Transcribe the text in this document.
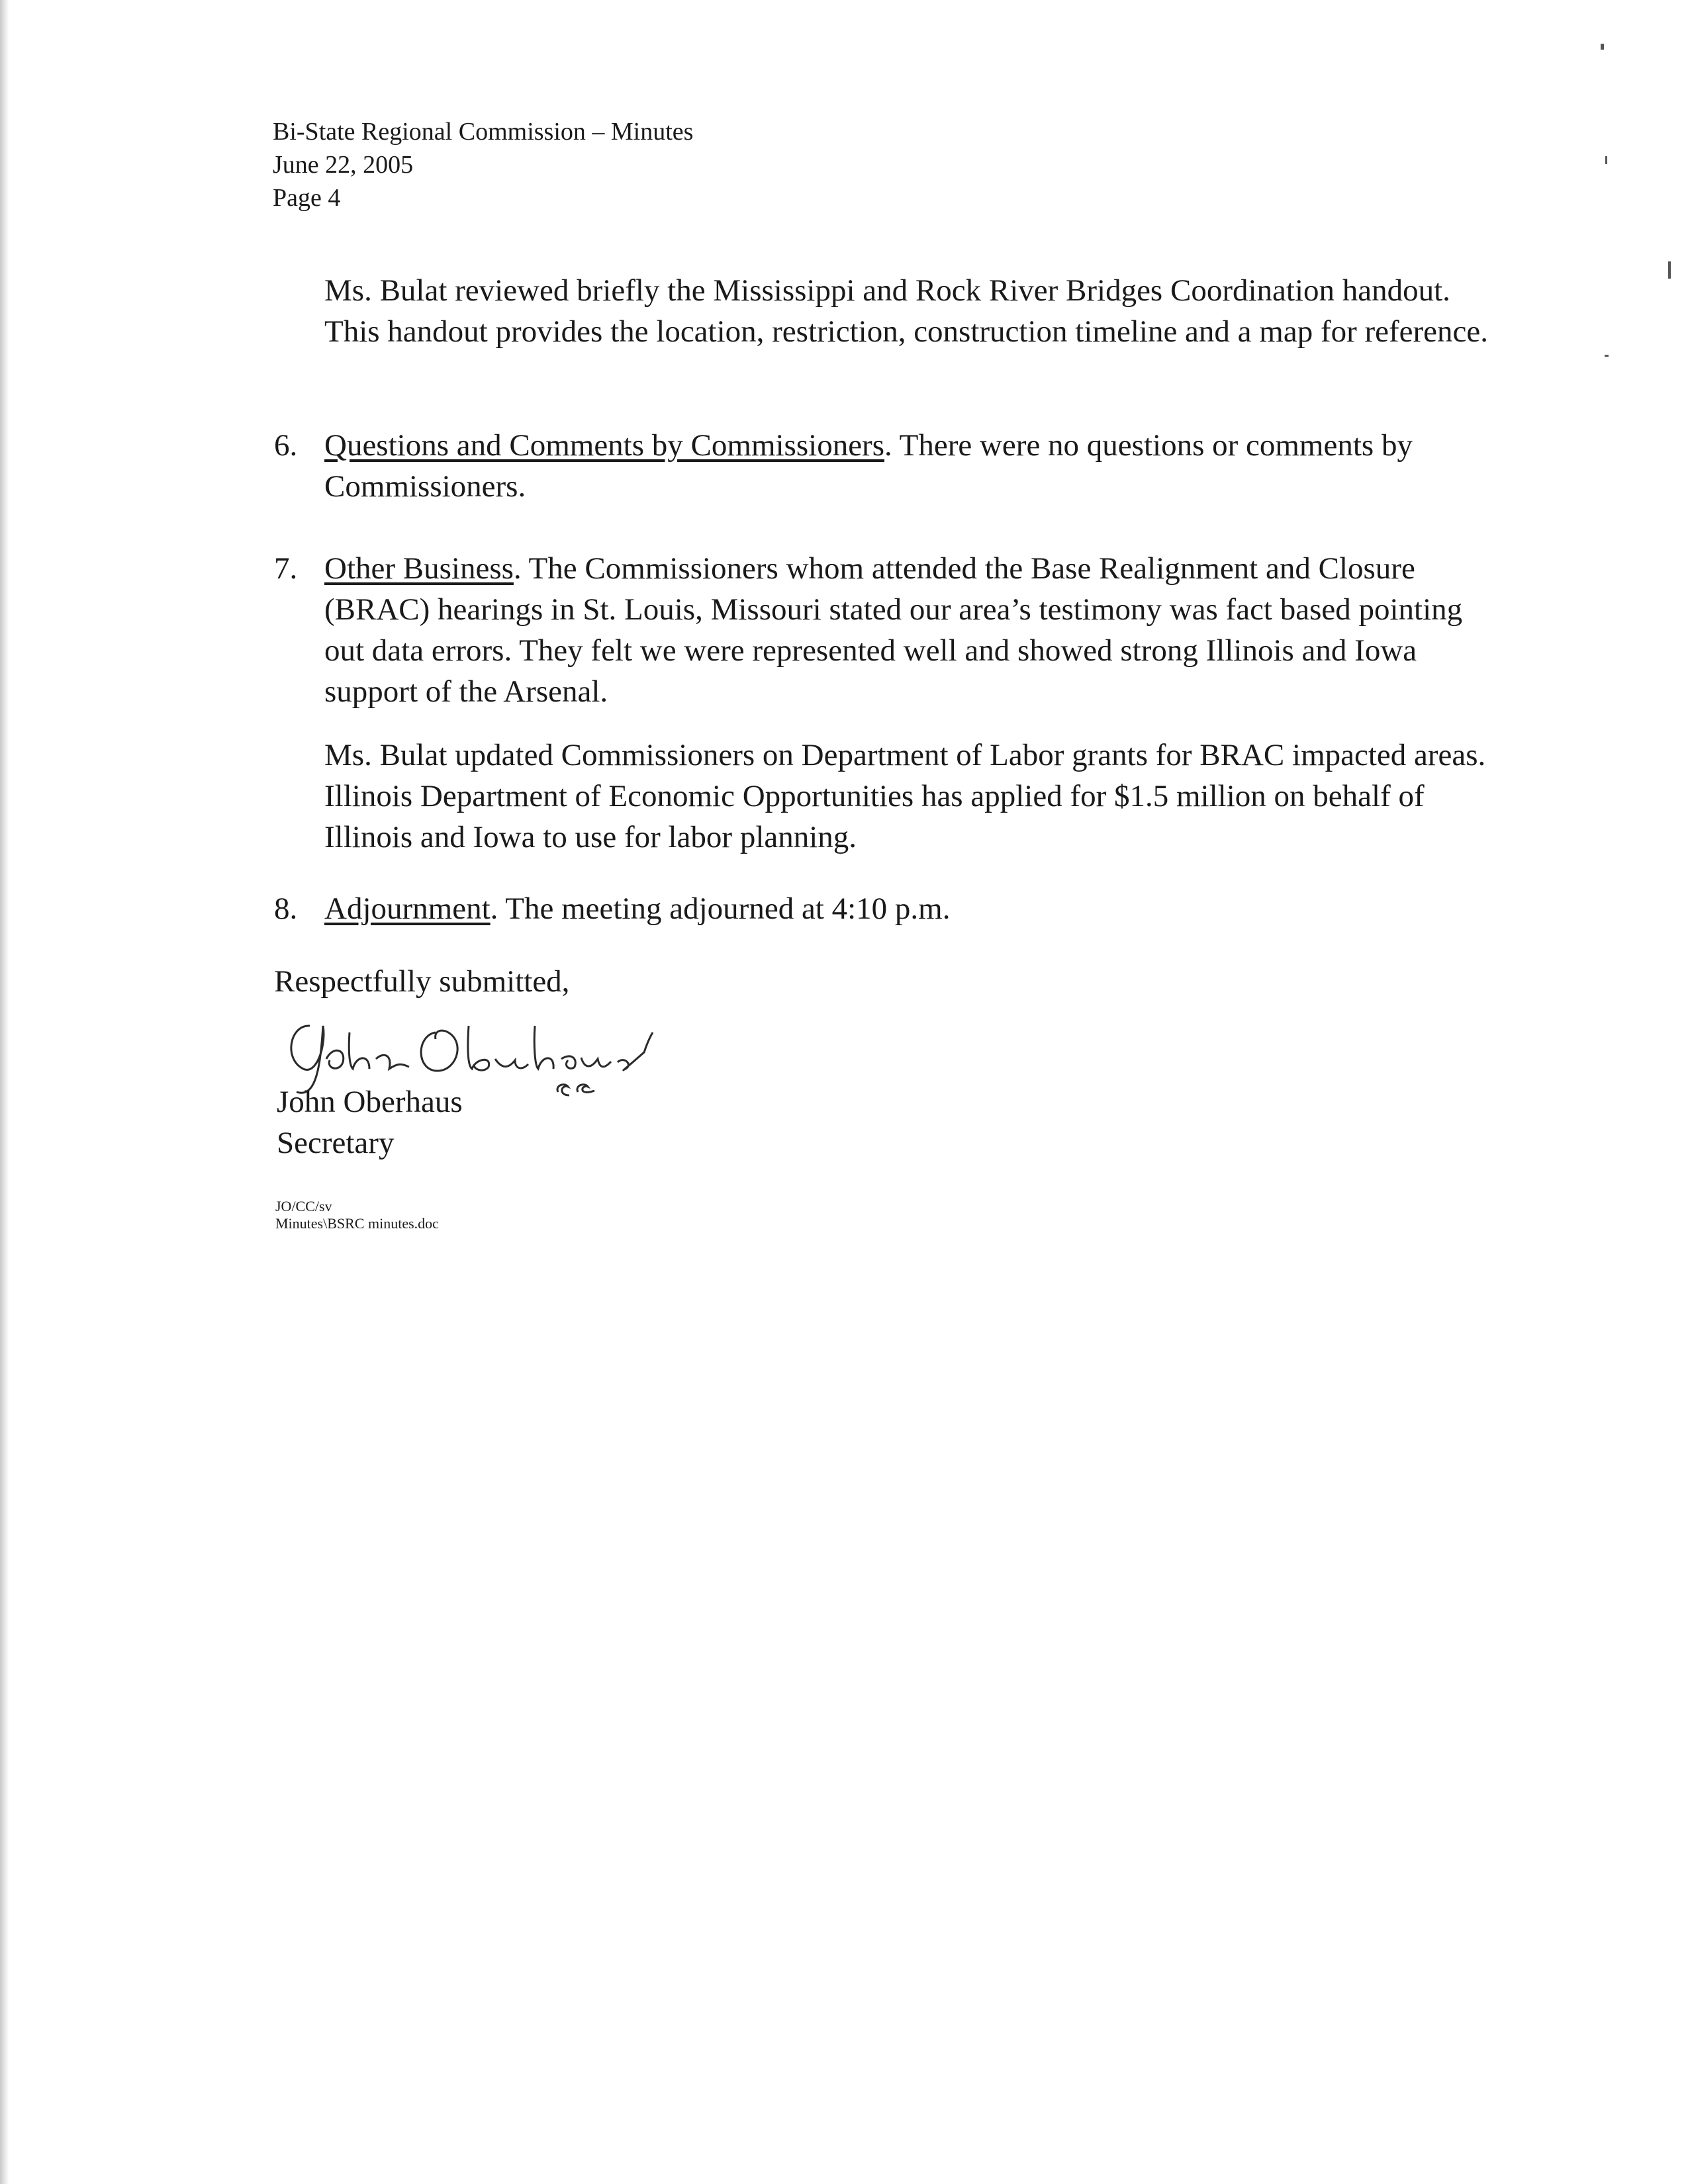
Bi-State Regional Commission – Minutes
June 22, 2005
Page 4
Ms. Bulat reviewed briefly the Mississippi and Rock River Bridges Coordination handout. This handout provides the location, restriction, construction timeline and a map for reference.
6. Questions and Comments by Commissioners. There were no questions or comments by Commissioners.
7. Other Business. The Commissioners whom attended the Base Realignment and Closure (BRAC) hearings in St. Louis, Missouri stated our area’s testimony was fact based pointing out data errors. They felt we were represented well and showed strong Illinois and Iowa support of the Arsenal.
Ms. Bulat updated Commissioners on Department of Labor grants for BRAC impacted areas. Illinois Department of Economic Opportunities has applied for $1.5 million on behalf of Illinois and Iowa to use for labor planning.
8. Adjournment. The meeting adjourned at 4:10 p.m.
Respectfully submitted,
John Oberhaus
Secretary
JO/CC/sv
Minutes\BSRC minutes.doc
